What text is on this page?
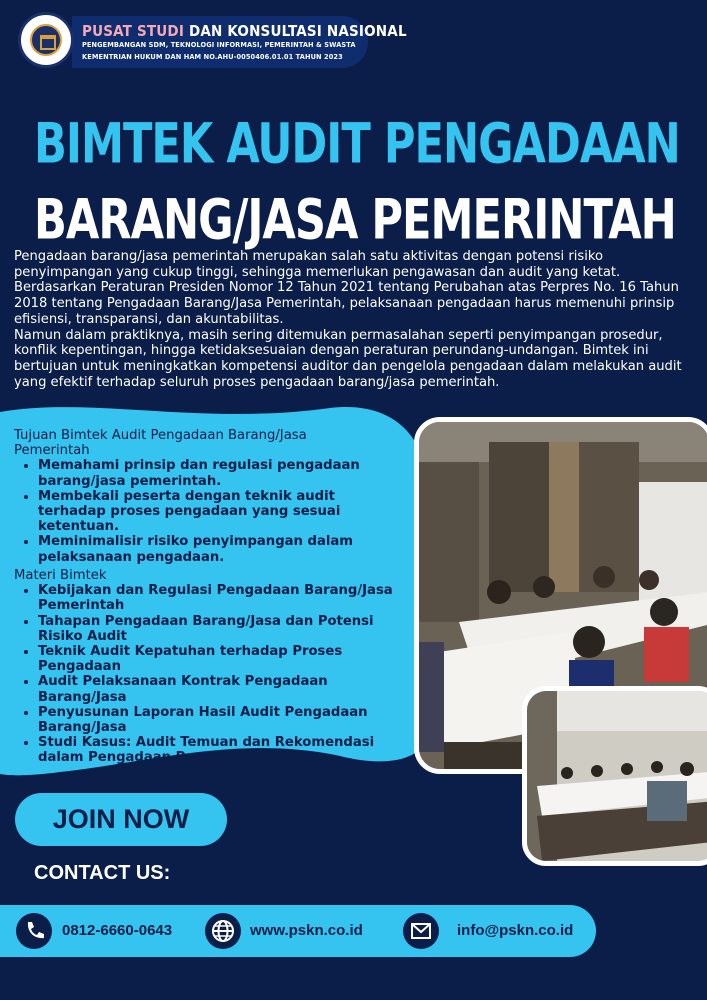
PUSAT STUDI DAN KONSULTASI NASIONAL
PENGEMBANGAN SDM, TEKNOLOGI INFORMASI, PEMERINTAH & SWASTA
KEMENTRIAN HUKUM DAN HAM NO.AHU-0050406.01.01 TAHUN 2023
BIMTEK AUDIT PENGADAAN
BARANG/JASA PEMERINTAH

Pengadaan barang/jasa pemerintah merupakan salah satu aktivitas dengan potensi risiko penyimpangan yang cukup tinggi, sehingga memerlukan pengawasan dan audit yang ketat. Berdasarkan Peraturan Presiden Nomor 12 Tahun 2021 tentang Perubahan atas Perpres No. 16 Tahun 2018 tentang Pengadaan Barang/Jasa Pemerintah, pelaksanaan pengadaan harus memenuhi prinsip efisiensi, transparansi, dan akuntabilitas.

Namun dalam praktiknya, masih sering ditemukan permasalahan seperti penyimpangan prosedur, konflik kepentingan, hingga ketidaksesuaian dengan peraturan perundang-undangan. Bimtek ini bertujuan untuk meningkatkan kompetensi auditor dan pengelola pengadaan dalam melakukan audit yang efektif terhadap seluruh proses pengadaan barang/jasa pemerintah.

Tujuan Bimtek Audit Pengadaan Barang/Jasa Pemerintah
• Memahami prinsip dan regulasi pengadaan barang/jasa pemerintah.
• Membekali peserta dengan teknik audit terhadap proses pengadaan yang sesuai ketentuan.
• Meminimalisir risiko penyimpangan dalam pelaksanaan pengadaan.
Materi Bimtek
• Kebijakan dan Regulasi Pengadaan Barang/Jasa Pemerintah
• Tahapan Pengadaan Barang/Jasa dan Potensi Risiko Audit
• Teknik Audit Kepatuhan terhadap Proses Pengadaan
• Audit Pelaksanaan Kontrak Pengadaan Barang/Jasa
• Penyusunan Laporan Hasil Audit Pengadaan Barang/Jasa
• Studi Kasus: Audit Temuan dan Rekomendasi dalam Pengadaan Pemerintah
JOIN NOW
CONTACT US:
0812-6660-0643	www.pskn.co.id	info@pskn.co.id
